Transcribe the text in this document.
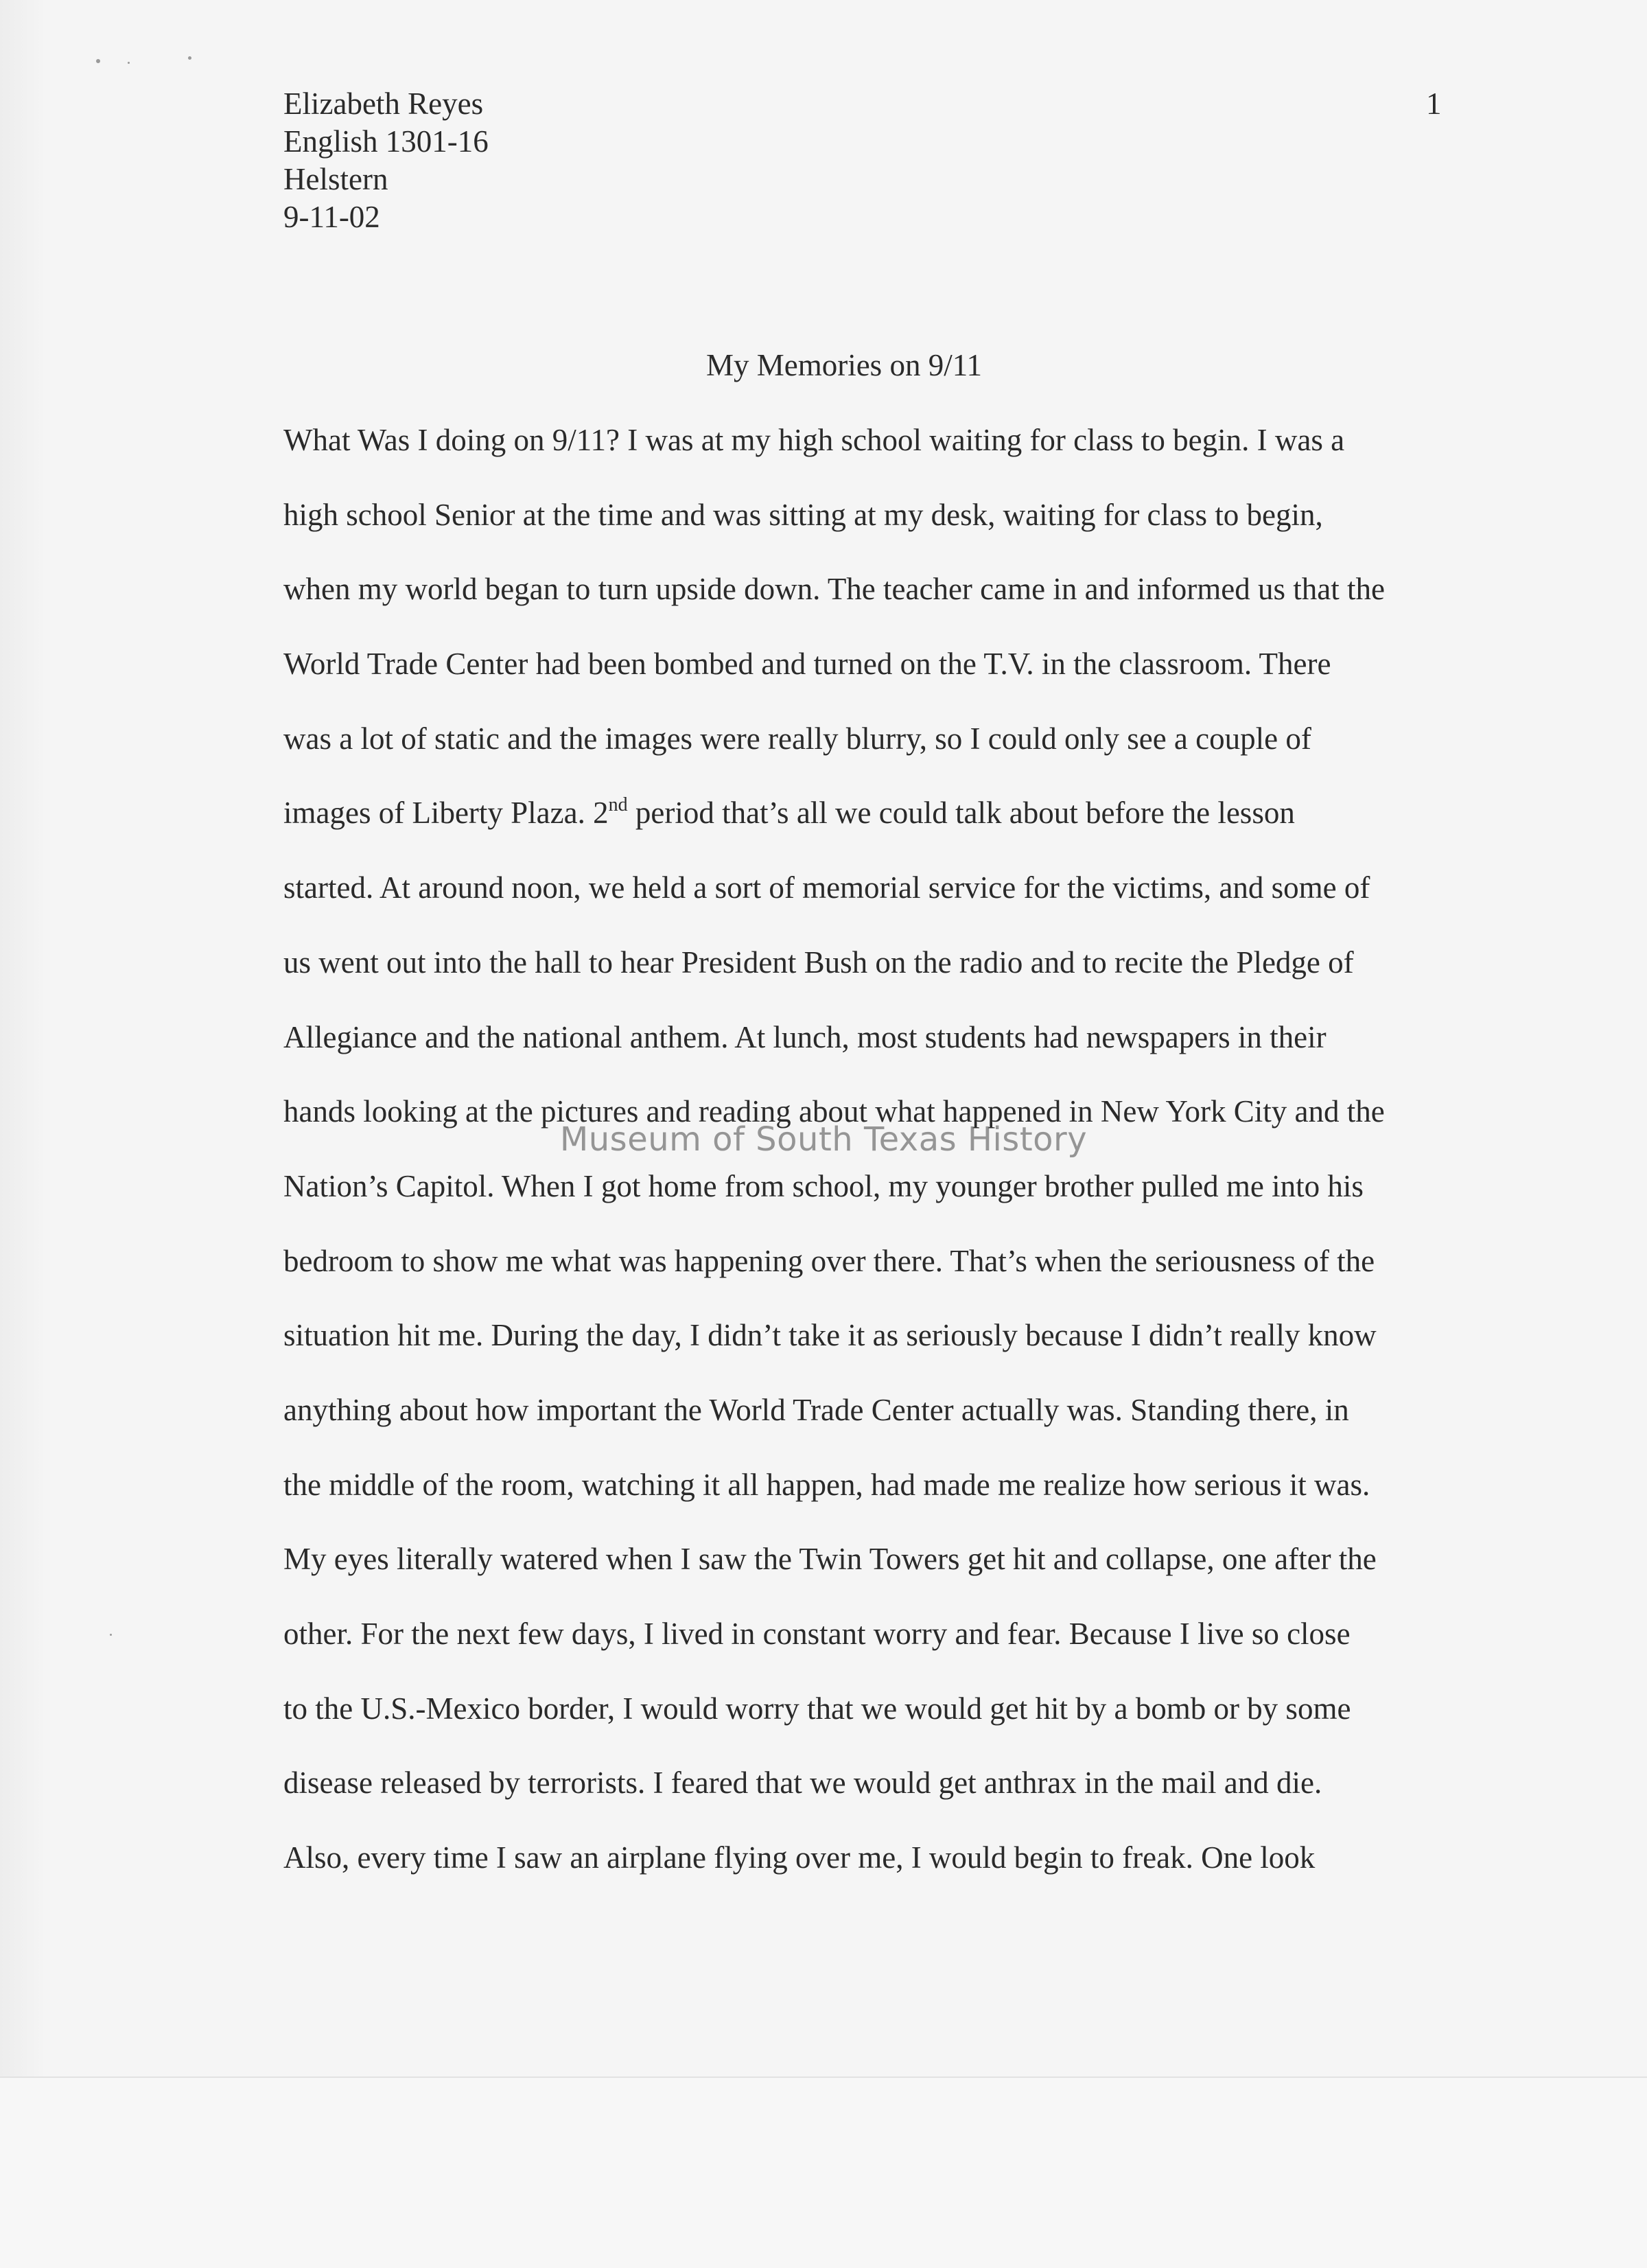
Elizabeth Reyes
English 1301-16
Helstern
9-11-02
1
My Memories on 9/11
What Was I doing on 9/11? I was at my high school waiting for class to begin. I was a
high school Senior at the time and was sitting at my desk, waiting for class to begin,
when my world began to turn upside down. The teacher came in and informed us that the
World Trade Center had been bombed and turned on the T.V. in the classroom. There
was a lot of static and the images were really blurry, so I could only see a couple of
images of Liberty Plaza. 2nd period that’s all we could talk about before the lesson
started. At around noon, we held a sort of memorial service for the victims, and some of
us went out into the hall to hear President Bush on the radio and to recite the Pledge of
Allegiance and the national anthem. At lunch, most students had newspapers in their
hands looking at the pictures and reading about what happened in New York City and the
Nation’s Capitol. When I got home from school, my younger brother pulled me into his
bedroom to show me what was happening over there. That’s when the seriousness of the
situation hit me. During the day, I didn’t take it as seriously because I didn’t really know
anything about how important the World Trade Center actually was. Standing there, in
the middle of the room, watching it all happen, had made me realize how serious it was.
My eyes literally watered when I saw the Twin Towers get hit and collapse, one after the
other. For the next few days, I lived in constant worry and fear. Because I live so close
to the U.S.-Mexico border, I would worry that we would get hit by a bomb or by some
disease released by terrorists. I feared that we would get anthrax in the mail and die.
Also, every time I saw an airplane flying over me, I would begin to freak. One look
Museum of South Texas History
